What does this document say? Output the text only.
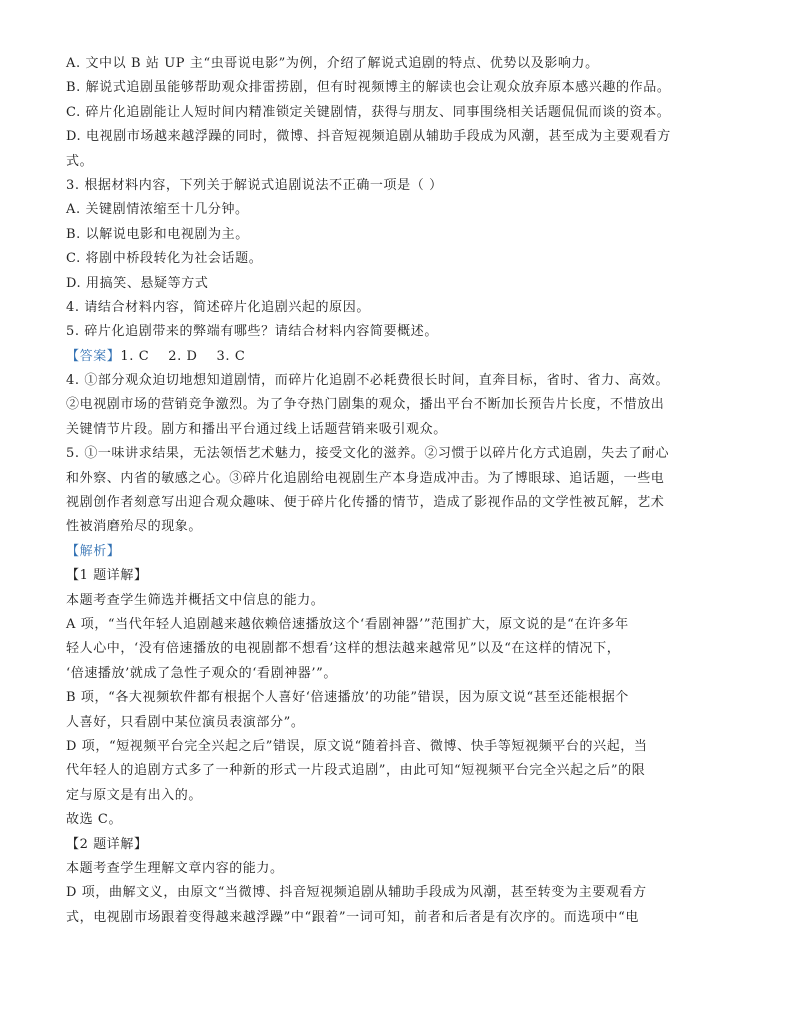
A. 文中以 B 站 UP 主“虫哥说电影”为例，介绍了解说式追剧的特点、优势以及影响力。
B. 解说式追剧虽能够帮助观众排雷捞剧，但有时视频博主的解读也会让观众放弃原本感兴趣的作品。
C. 碎片化追剧能让人短时间内精准锁定关键剧情，获得与朋友、同事围绕相关话题侃侃而谈的资本。
D. 电视剧市场越来越浮躁的同时，微博、抖音短视频追剧从辅助手段成为风潮，甚至成为主要观看方
式。
3. 根据材料内容，下列关于解说式追剧说法不正确一项是（ ）
A. 关键剧情浓缩至十几分钟。
B. 以解说电影和电视剧为主。
C. 将剧中桥段转化为社会话题。
D. 用搞笑、悬疑等方式
4. 请结合材料内容，简述碎片化追剧兴起的原因。
5. 碎片化追剧带来的弊端有哪些？请结合材料内容简要概述。
【答案】1. C    2. D    3. C
4. ①部分观众迫切地想知道剧情，而碎片化追剧不必耗费很长时间，直奔目标，省时、省力、高效。
②电视剧市场的营销竞争激烈。为了争夺热门剧集的观众，播出平台不断加长预告片长度，不惜放出
关键情节片段。剧方和播出平台通过线上话题营销来吸引观众。
5. ①一味讲求结果，无法领悟艺术魅力，接受文化的滋养。②习惯于以碎片化方式追剧，失去了耐心
和外察、内省的敏感之心。③碎片化追剧给电视剧生产本身造成冲击。为了博眼球、追话题，一些电
视剧创作者刻意写出迎合观众趣味、便于碎片化传播的情节，造成了影视作品的文学性被瓦解，艺术
性被消磨殆尽的现象。
【解析】
【1 题详解】
本题考查学生筛选并概括文中信息的能力。
A 项，“当代年轻人追剧越来越依赖倍速播放这个‘看剧神器’”范围扩大，原文说的是“在许多年
轻人心中，‘没有倍速播放的电视剧都不想看’这样的想法越来越常见”以及“在这样的情况下，
‘倍速播放’就成了急性子观众的‘看剧神器’”。
B 项，“各大视频软件都有根据个人喜好‘倍速播放’的功能”错误，因为原文说“甚至还能根据个
人喜好，只看剧中某位演员表演部分”。
D 项，“短视频平台完全兴起之后”错误，原文说“随着抖音、微博、快手等短视频平台的兴起，当
代年轻人的追剧方式多了一种新的形式一片段式追剧”，由此可知“短视频平台完全兴起之后”的限
定与原文是有出入的。
故选 C。
【2 题详解】
本题考查学生理解文章内容的能力。
D 项，曲解文义，由原文“当微博、抖音短视频追剧从辅助手段成为风潮，甚至转变为主要观看方
式，电视剧市场跟着变得越来越浮躁”中“跟着”一词可知，前者和后者是有次序的。而选项中“电
